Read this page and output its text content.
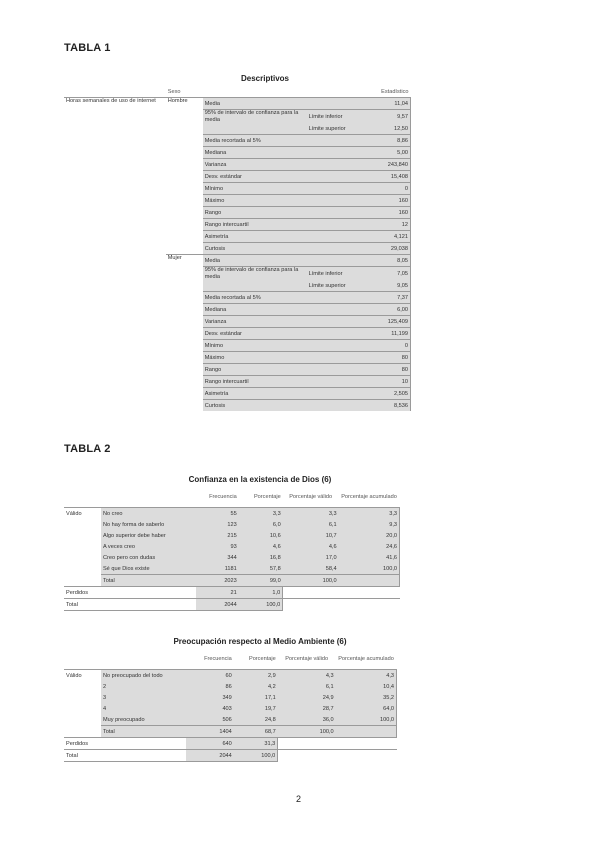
TABLA 1
Descriptivos
	Sexo			Estadístico
Horas semanales de uso de internet	Hombre	Media		11,04
		95% de intervalo de confianza para la media	Límite inferior	9,57
			Límite superior	12,50
		Media recortada al 5%		8,86
		Mediana		5,00
		Varianza		243,840
		Desv. estándar		15,408
		Mínimo		0
		Máximo		160
		Rango		160
		Rango intercuartil		12
		Asimetría		4,121
		Curtosis		29,038
	Mujer	Media		8,05
		95% de intervalo de confianza para la media	Límite inferior	7,05
			Límite superior	9,05
		Media recortada al 5%		7,37
		Mediana		6,00
		Varianza		125,409
		Desv. estándar		11,199
		Mínimo		0
		Máximo		80
		Rango		80
		Rango intercuartil		10
		Asimetría		2,505
		Curtosis		8,536
TABLA 2
Confianza en la existencia de Dios (6)
		Frecuencia	Porcentaje	Porcentaje válido	Porcentaje acumulado
Válido	No creo	55	3,3	3,3	3,3
	No hay forma de saberlo	123	6,0	6,1	9,3
	Algo superior debe haber	215	10,6	10,7	20,0
	A veces creo	93	4,6	4,6	24,6
	Creo pero con dudas	344	16,8	17,0	41,6
	Sé que Dios existe	1181	57,8	58,4	100,0
	Total	2023	99,0	100,0	
Perdidos		21	1,0		
Total		2044	100,0		
Preocupación respecto al Medio Ambiente (6)
		Frecuencia	Porcentaje	Porcentaje válido	Porcentaje acumulado
Válido	No preocupado del todo	60	2,9	4,3	4,3
	2	86	4,2	6,1	10,4
	3	349	17,1	24,9	35,2
	4	403	19,7	28,7	64,0
	Muy preocupado	506	24,8	36,0	100,0
	Total	1404	68,7	100,0	
Perdidos		640	31,3		
Total		2044	100,0		
2
